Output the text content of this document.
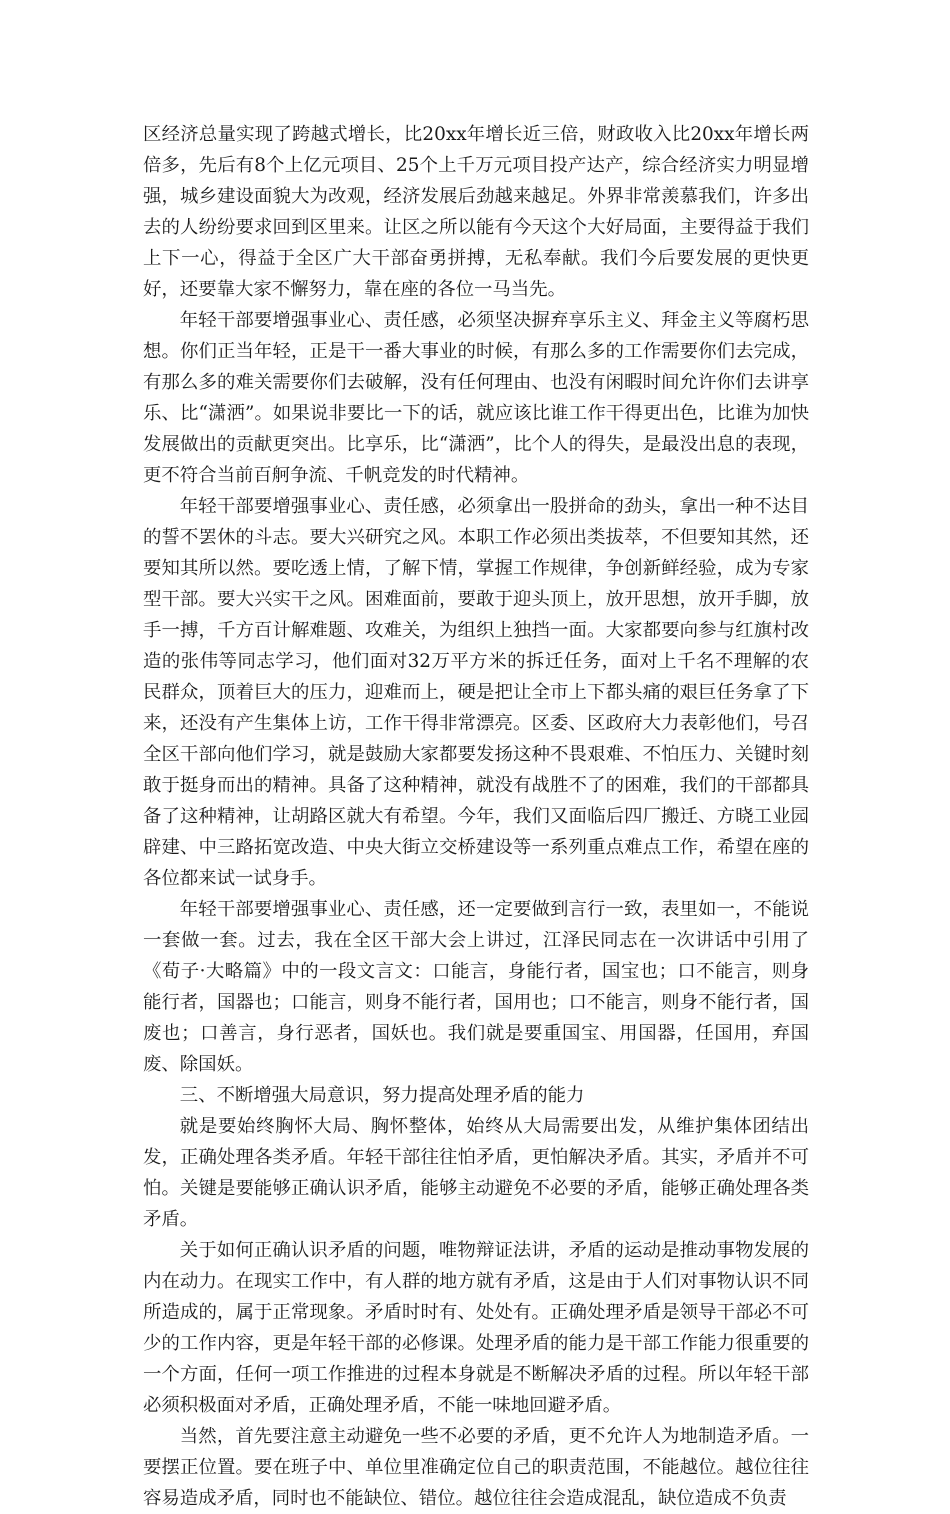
区经济总量实现了跨越式增长，比20xx年增长近三倍，财政收入比20xx年增长两倍多，先后有8个上亿元项目、25个上千万元项目投产达产，综合经济实力明显增强，城乡建设面貌大为改观，经济发展后劲越来越足。外界非常羡慕我们，许多出去的人纷纷要求回到区里来。让区之所以能有今天这个大好局面，主要得益于我们上下一心，得益于全区广大干部奋勇拼搏，无私奉献。我们今后要发展的更快更好，还要靠大家不懈努力，靠在座的各位一马当先。

年轻干部要增强事业心、责任感，必须坚决摒弃享乐主义、拜金主义等腐朽思想。你们正当年轻，正是干一番大事业的时候，有那么多的工作需要你们去完成，有那么多的难关需要你们去破解，没有任何理由、也没有闲暇时间允许你们去讲享乐、比“潇洒”。如果说非要比一下的话，就应该比谁工作干得更出色，比谁为加快发展做出的贡献更突出。比享乐，比“潇洒”，比个人的得失，是最没出息的表现，更不符合当前百舸争流、千帆竞发的时代精神。

年轻干部要增强事业心、责任感，必须拿出一股拼命的劲头，拿出一种不达目的誓不罢休的斗志。要大兴研究之风。本职工作必须出类拔萃，不但要知其然，还要知其所以然。要吃透上情，了解下情，掌握工作规律，争创新鲜经验，成为专家型干部。要大兴实干之风。困难面前，要敢于迎头顶上，放开思想，放开手脚，放手一搏，千方百计解难题、攻难关，为组织上独挡一面。大家都要向参与红旗村改造的张伟等同志学习，他们面对32万平方米的拆迁任务，面对上千名不理解的农民群众，顶着巨大的压力，迎难而上，硬是把让全市上下都头痛的艰巨任务拿了下来，还没有产生集体上访，工作干得非常漂亮。区委、区政府大力表彰他们，号召全区干部向他们学习，就是鼓励大家都要发扬这种不畏艰难、不怕压力、关键时刻敢于挺身而出的精神。具备了这种精神，就没有战胜不了的困难，我们的干部都具备了这种精神，让胡路区就大有希望。今年，我们又面临后四厂搬迁、方晓工业园辟建、中三路拓宽改造、中央大街立交桥建设等一系列重点难点工作，希望在座的各位都来试一试身手。

年轻干部要增强事业心、责任感，还一定要做到言行一致，表里如一，不能说一套做一套。过去，我在全区干部大会上讲过，江泽民同志在一次讲话中引用了《荀子·大略篇》中的一段文言文：口能言，身能行者，国宝也；口不能言，则身能行者，国器也；口能言，则身不能行者，国用也；口不能言，则身不能行者，国废也；口善言，身行恶者，国妖也。我们就是要重国宝、用国器，任国用，弃国废、除国妖。

三、不断增强大局意识，努力提高处理矛盾的能力

就是要始终胸怀大局、胸怀整体，始终从大局需要出发，从维护集体团结出发，正确处理各类矛盾。年轻干部往往怕矛盾，更怕解决矛盾。其实，矛盾并不可怕。关键是要能够正确认识矛盾，能够主动避免不必要的矛盾，能够正确处理各类矛盾。

关于如何正确认识矛盾的问题，唯物辩证法讲，矛盾的运动是推动事物发展的内在动力。在现实工作中，有人群的地方就有矛盾，这是由于人们对事物认识不同所造成的，属于正常现象。矛盾时时有、处处有。正确处理矛盾是领导干部必不可少的工作内容，更是年轻干部的必修课。处理矛盾的能力是干部工作能力很重要的一个方面，任何一项工作推进的过程本身就是不断解决矛盾的过程。所以年轻干部必须积极面对矛盾，正确处理矛盾，不能一味地回避矛盾。

当然，首先要注意主动避免一些不必要的矛盾，更不允许人为地制造矛盾。一要摆正位置。要在班子中、单位里准确定位自己的职责范围，不能越位。越位往往容易造成矛盾，同时也不能缺位、错位。越位往往会造成混乱，缺位造成不负责
